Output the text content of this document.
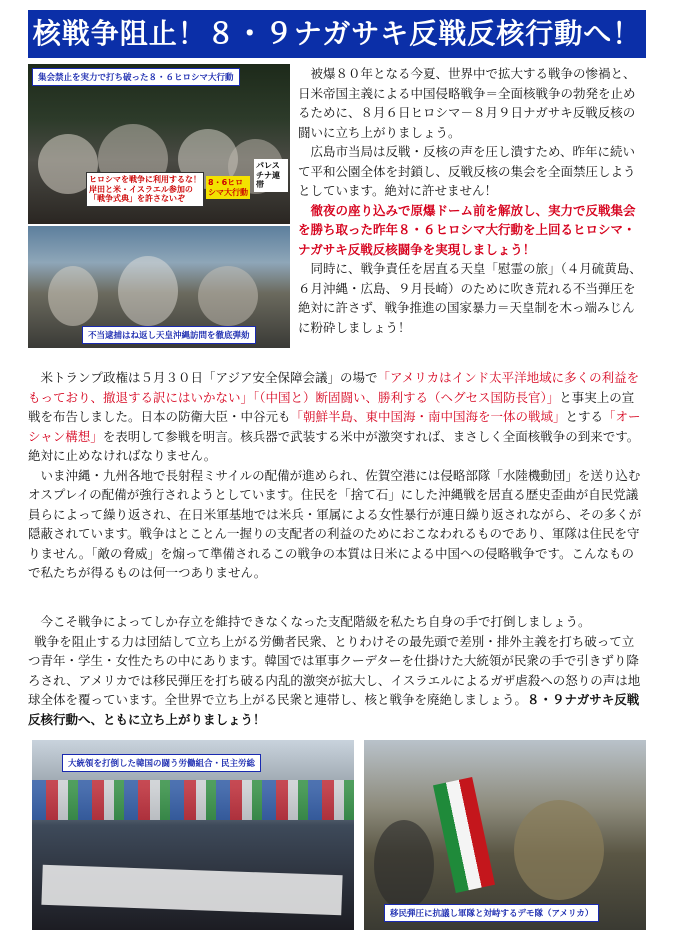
核戦争阻止！８・９ナガサキ反戦反核行動へ！
集会禁止を実力で打ち破った８・６ヒロシマ大行動
ヒロシマを戦争に利用するな！岸田と米・イスラエル参加の「戦争式典」を許さないぞ
8・6ヒロシマ大行動
パレスチナ連帯
不当逮捕はね返し天皇沖縄訪問を徹底弾劾

被爆８０年となる今夏、世界中で拡大する戦争の惨禍と、日米帝国主義による中国侵略戦争＝全面核戦争の勃発を止めるために、８月６日ヒロシマ－８月９日ナガサキ反戦反核の闘いに立ち上がりましょう。

広島市当局は反戦・反核の声を圧し潰すため、昨年に続いて平和公園全体を封鎖し、反戦反核の集会を全面禁圧しようとしています。絶対に許せません！

徹夜の座り込みで原爆ドーム前を解放し、実力で反戦集会を勝ち取った昨年８・６ヒロシマ大行動を上回るヒロシマ・ナガサキ反戦反核闘争を実現しましょう！

同時に、戦争責任を居直る天皇「慰霊の旅」（４月硫黄島、６月沖縄・広島、９月長崎）のために吹き荒れる不当弾圧を絶対に許さず、戦争推進の国家暴力＝天皇制を木っ端みじんに粉砕しましょう！

米トランプ政権は５月３０日「アジア安全保障会議」の場で「アメリカはインド太平洋地域に多くの利益をもっており、撤退する訳にはいかない」「（中国と）断固闘い、勝利する（ヘグセス国防長官）」と事実上の宣戦を布告しました。日本の防衛大臣・中谷元も「朝鮮半島、東中国海・南中国海を一体の戦域」とする「オーシャン構想」を表明して参戦を明言。核兵器で武装する米中が激突すれば、まさしく全面核戦争の到来です。絶対に止めなければなりません。

いま沖縄・九州各地で長射程ミサイルの配備が進められ、佐賀空港には侵略部隊「水陸機動団」を送り込むオスプレイの配備が強行されようとしています。住民を「捨て石」にした沖縄戦を居直る歴史歪曲が自民党議員らによって繰り返され、在日米軍基地では米兵・軍属による女性暴行が連日繰り返されながら、その多くが隠蔽されています。戦争はとことん一握りの支配者の利益のためにおこなわれるものであり、軍隊は住民を守りません。「敵の脅威」を煽って準備されるこの戦争の本質は日米による中国への侵略戦争です。こんなもので私たちが得るものは何一つありません。

今こそ戦争によってしか存立を維持できなくなった支配階級を私たち自身の手で打倒しましょう。

戦争を阻止する力は団結して立ち上がる労働者民衆、とりわけその最先頭で差別・排外主義を打ち破って立つ青年・学生・女性たちの中にあります。韓国では軍事クーデターを仕掛けた大統領が民衆の手で引きずり降ろされ、アメリカでは移民弾圧を打ち破る内乱的激突が拡大し、イスラエルによるガザ虐殺への怒りの声は地球全体を覆っています。全世界で立ち上がる民衆と連帯し、核と戦争を廃絶しましょう。８・９ナガサキ反戦反核行動へ、ともに立ち上がりましょう！

大統領を打倒した韓国の闘う労働組合・民主労総
移民弾圧に抗議し軍隊と対峙するデモ隊（アメリカ）
